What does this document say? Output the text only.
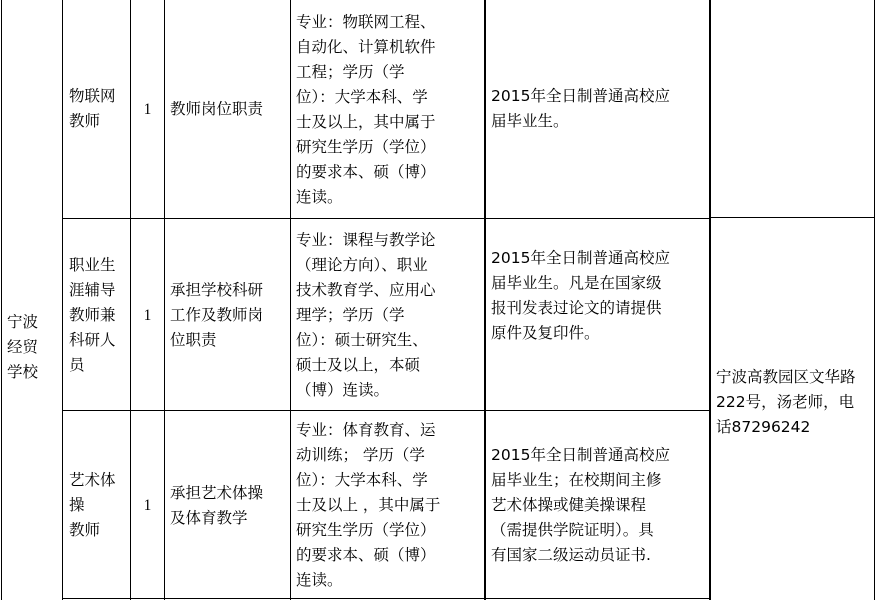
宁波
经贸
学校
物联网
教师
1 教师岗位职责
专业：物联网工程、
自动化、计算机软件
工程；学历（学
位）：大学本科、学
士及以上，其中属于
研究生学历（学位）
的要求本、硕（博）
连读。
2015年全日制普通高校应
届毕业生。
职业生
涯辅导
教师兼
科研人
员
1
承担学校科研
工作及教师岗
位职责
专业：课程与教学论
（理论方向）、职业
技术教育学、应用心
理学；学历（学
位）：硕士研究生、
硕士及以上，本硕
（博）连读。
2015年全日制普通高校应
届毕业生。凡是在国家级
报刊发表过论文的请提供
原件及复印件。
艺术体
操
教师
1
承担艺术体操
及体育教学
专业：体育教育、运
动训练； 学历（学
位）：大学本科、学
士及以上 ，其中属于
研究生学历（学位）
的要求本、硕（博）
连读。
2015年全日制普通高校应
届毕业生；在校期间主修
艺术体操或健美操课程
（需提供学院证明）。具
有国家二级运动员证书.
宁波高教园区文华路222号，汤老师，电话87296242
